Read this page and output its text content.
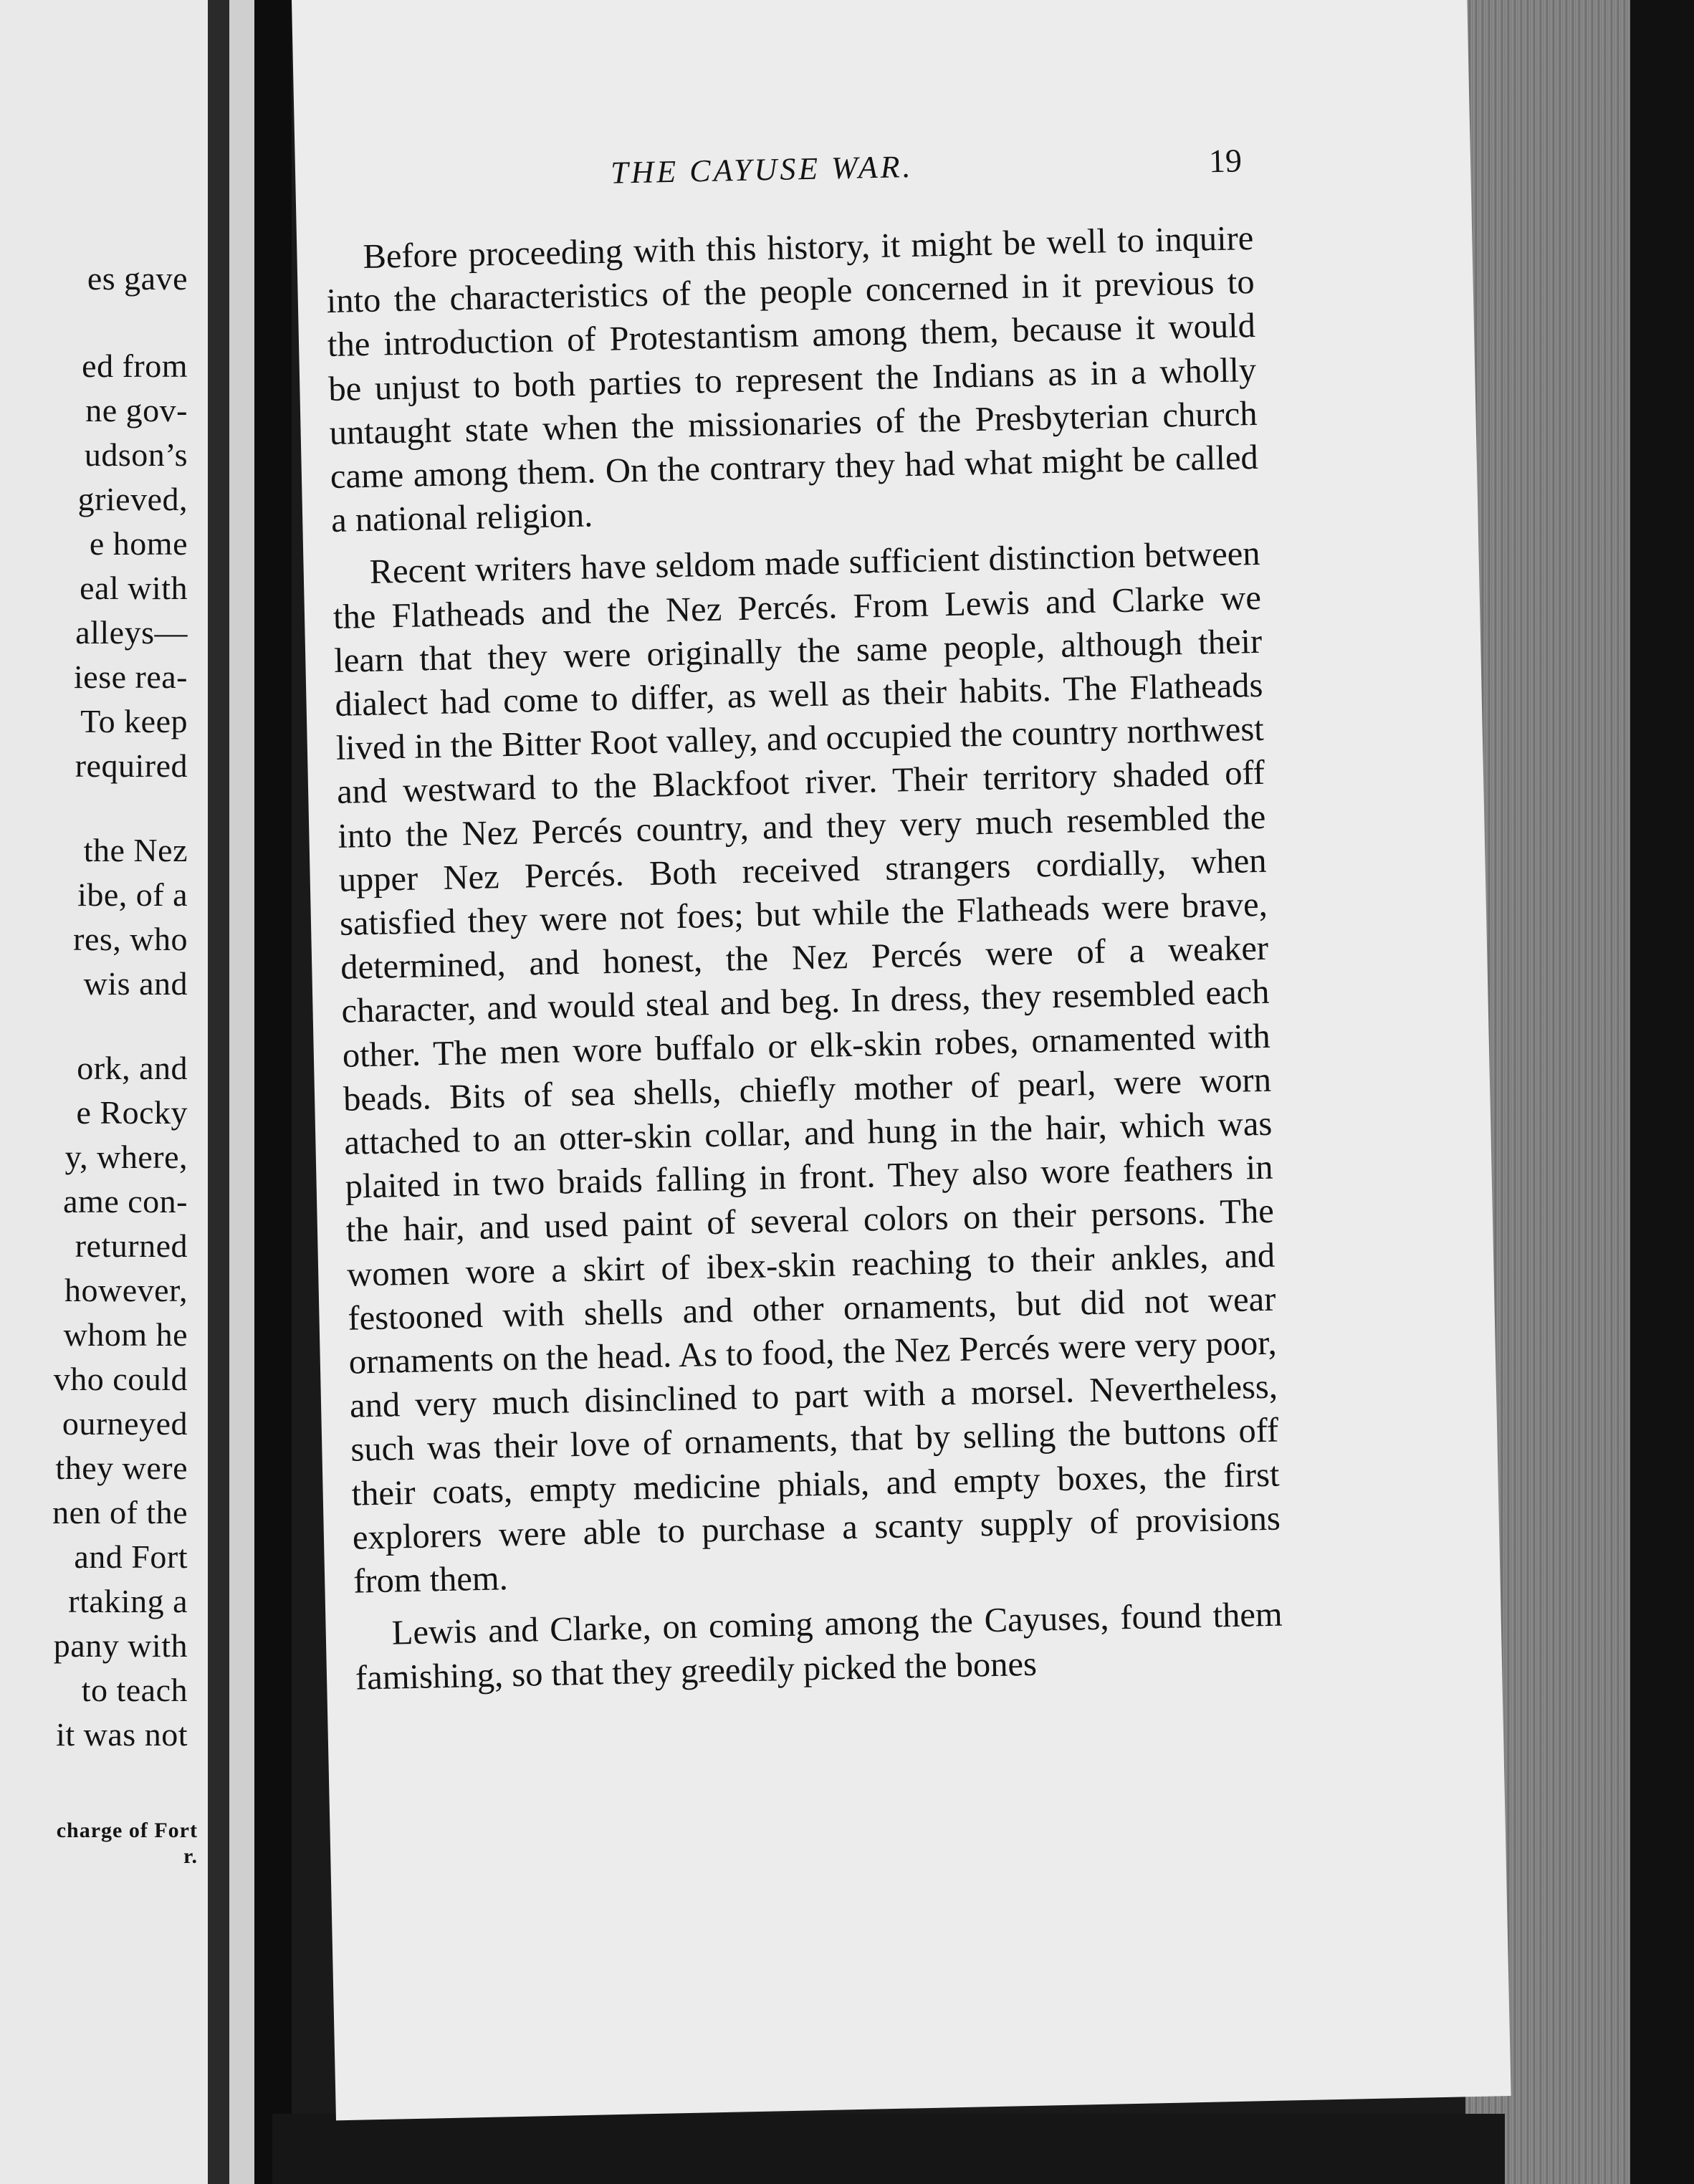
es gave
ed from
ne gov-
udson’s
grieved,
e home
eal with
alleys—
iese rea-
To keep
required
the Nez
ibe, of a
res, who
wis and
ork, and
e Rocky
y, where,
ame con-
returned
however,
whom he
vho could
ourneyed
they were
nen of the
and Fort
rtaking a
pany with
to teach
it was not
charge of Fort
r.
THE CAYUSE WAR.	19

Before proceeding with this history, it might be well to inquire into the characteristics of the people concerned in it previous to the introduction of Protestantism among them, because it would be unjust to both parties to represent the Indians as in a wholly untaught state when the missionaries of the Presbyterian church came among them. On the contrary they had what might be called a national religion.

Recent writers have seldom made sufficient distinction between the Flatheads and the Nez Percés. From Lewis and Clarke we learn that they were originally the same people, although their dialect had come to differ, as well as their habits. The Flatheads lived in the Bitter Root valley, and occupied the country northwest and westward to the Blackfoot river. Their territory shaded off into the Nez Percés country, and they very much resembled the upper Nez Percés. Both received strangers cordially, when satisfied they were not foes; but while the Flatheads were brave, determined, and honest, the Nez Percés were of a weaker character, and would steal and beg. In dress, they resembled each other. The men wore buffalo or elk-skin robes, ornamented with beads. Bits of sea shells, chiefly mother of pearl, were worn attached to an otter-skin collar, and hung in the hair, which was plaited in two braids falling in front. They also wore feathers in the hair, and used paint of several colors on their persons. The women wore a skirt of ibex-skin reaching to their ankles, and festooned with shells and other ornaments, but did not wear ornaments on the head. As to food, the Nez Percés were very poor, and very much disinclined to part with a morsel. Nevertheless, such was their love of ornaments, that by selling the buttons off their coats, empty medicine phials, and empty boxes, the first explorers were able to purchase a scanty supply of provisions from them.

Lewis and Clarke, on coming among the Cayuses, found them famishing, so that they greedily picked the bones
